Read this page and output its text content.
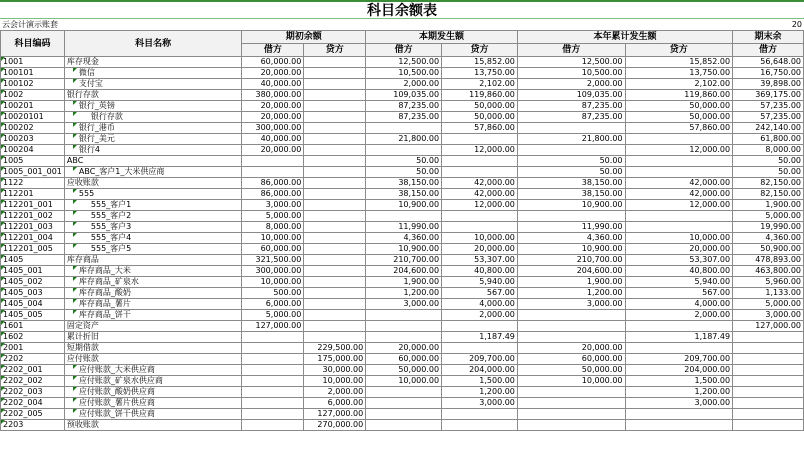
科目余额表
云会计演示账套	20
科目编码	科目名称	期初余额		本期发生额		本年累计发生额		期末余
		借方	贷方	借方	贷方	借方	贷方	借方
1001	库存现金	60,000.00		12,500.00	15,852.00	12,500.00	15,852.00	56,648.00
100101	微信	20,000.00		10,500.00	13,750.00	10,500.00	13,750.00	16,750.00
100102	支付宝	40,000.00		2,000.00	2,102.00	2,000.00	2,102.00	39,898.00
1002	银行存款	380,000.00		109,035.00	119,860.00	109,035.00	119,860.00	369,175.00
100201	银行_英镑	20,000.00		87,235.00	50,000.00	87,235.00	50,000.00	57,235.00
10020101	银行存款	20,000.00		87,235.00	50,000.00	87,235.00	50,000.00	57,235.00
100202	银行_港币	300,000.00			57,860.00		57,860.00	242,140.00
100203	银行_美元	40,000.00		21,800.00		21,800.00		61,800.00
100204	银行4	20,000.00			12,000.00		12,000.00	8,000.00
1005	ABC			50.00		50.00		50.00
1005_001_001	ABC_客户1_大米供应商			50.00		50.00		50.00
1122	应收账款	86,000.00		38,150.00	42,000.00	38,150.00	42,000.00	82,150.00
112201	555	86,000.00		38,150.00	42,000.00	38,150.00	42,000.00	82,150.00
112201_001	555_客户1	3,000.00		10,900.00	12,000.00	10,900.00	12,000.00	1,900.00
112201_002	555_客户2	5,000.00						5,000.00
112201_003	555_客户3	8,000.00		11,990.00		11,990.00		19,990.00
112201_004	555_客户4	10,000.00		4,360.00	10,000.00	4,360.00	10,000.00	4,360.00
112201_005	555_客户5	60,000.00		10,900.00	20,000.00	10,900.00	20,000.00	50,900.00
1405	库存商品	321,500.00		210,700.00	53,307.00	210,700.00	53,307.00	478,893.00
1405_001	库存商品_大米	300,000.00		204,600.00	40,800.00	204,600.00	40,800.00	463,800.00
1405_002	库存商品_矿泉水	10,000.00		1,900.00	5,940.00	1,900.00	5,940.00	5,960.00
1405_003	库存商品_酸奶	500.00		1,200.00	567.00	1,200.00	567.00	1,133.00
1405_004	库存商品_薯片	6,000.00		3,000.00	4,000.00	3,000.00	4,000.00	5,000.00
1405_005	库存商品_饼干	5,000.00			2,000.00		2,000.00	3,000.00
1601	固定资产	127,000.00						127,000.00
1602	累计折旧				1,187.49		1,187.49	
2001	短期借款		229,500.00	20,000.00		20,000.00		
2202	应付账款		175,000.00	60,000.00	209,700.00	60,000.00	209,700.00	
2202_001	应付账款_大米供应商		30,000.00	50,000.00	204,000.00	50,000.00	204,000.00	
2202_002	应付账款_矿泉水供应商		10,000.00	10,000.00	1,500.00	10,000.00	1,500.00	
2202_003	应付账款_酸奶供应商		2,000.00		1,200.00		1,200.00	
2202_004	应付账款_薯片供应商		6,000.00		3,000.00		3,000.00	
2202_005	应付账款_饼干供应商		127,000.00					
2203	预收账款		270,000.00					
